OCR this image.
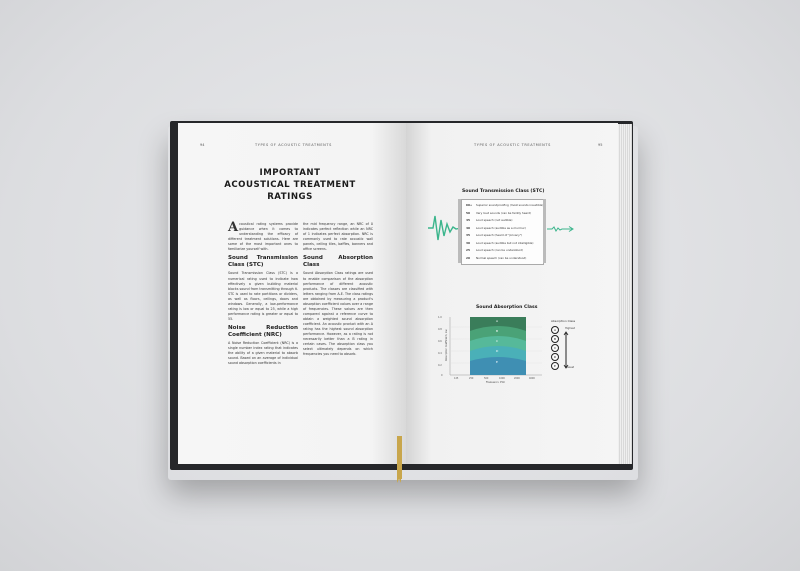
94	TYPES OF ACOUSTIC TREATMENTS
IMPORTANT
ACOUSTICAL TREATMENT
RATINGS

Acoustical rating systems provide guidance when it comes to understanding the efficacy of different treatment solutions. Here are some of the most important ones to familiarize yourself with.

Sound Transmission Class (STC)

Sound Transmission Class (STC) is a numerical rating used to indicate how effectively a given building material blocks sound from transmitting through it. STC is used to rate partitions or dividers, as well as floors, ceilings, doors and windows. Generally, a low-performance rating is low or equal to 25, while a high performance rating is greater or equal to 55.

Noise Reduction Coefficient (NRC)

A Noise Reduction Coefficient (NRC) is a single number index rating that indicates the ability of a given material to absorb sound. Based on an average of individual sound absorption coefficients in

the mid frequency range, an NRC of 0 indicates perfect reflection while an NRC of 1 indicates perfect absorption. NRC is commonly used to rate acoustic wall panels, ceiling tiles, baffles, banners and office screens.

Sound Absorption Class

Sound Absorption Class ratings are used to enable comparison of the absorption performance of different acoustic products. The classes are classified with letters ranging from A-E. The class ratings are obtained by measuring a product's absorption coefficient values over a range of frequencies. These values are then compared against a reference curve to obtain a weighted sound absorption coefficient. An acoustic product with an A rating has the highest sound absorption performance. However, as a rating is not necessarily better than a B rating in certain cases. The absorption class you select ultimately depends on which frequencies you need to absorb.

TYPES OF ACOUSTIC TREATMENTS	95
Sound Transmission Class (STC)
60+ Superior soundproofing (most sounds inaudible)
50 Very loud sounds (can be faintly heard)
45 Loud speech (not audible)
40 Loud speech (audible as a murmur)
35 Loud speech (heard of "privacy")
30 Loud speech (audible but not intelligible)
25 Loud speech (can be understood)
20 Normal speech (can be understood)
Sound Absorption Class
A
B
C
D
E
1.0
0.8
0.6
0.4
0.2
0
125	250	500	1000	2000	4000
Frequency (Hz)
Absorption Coefficient, αw
Absorption Class
A
B
C
D
E
Highest
Lowest
